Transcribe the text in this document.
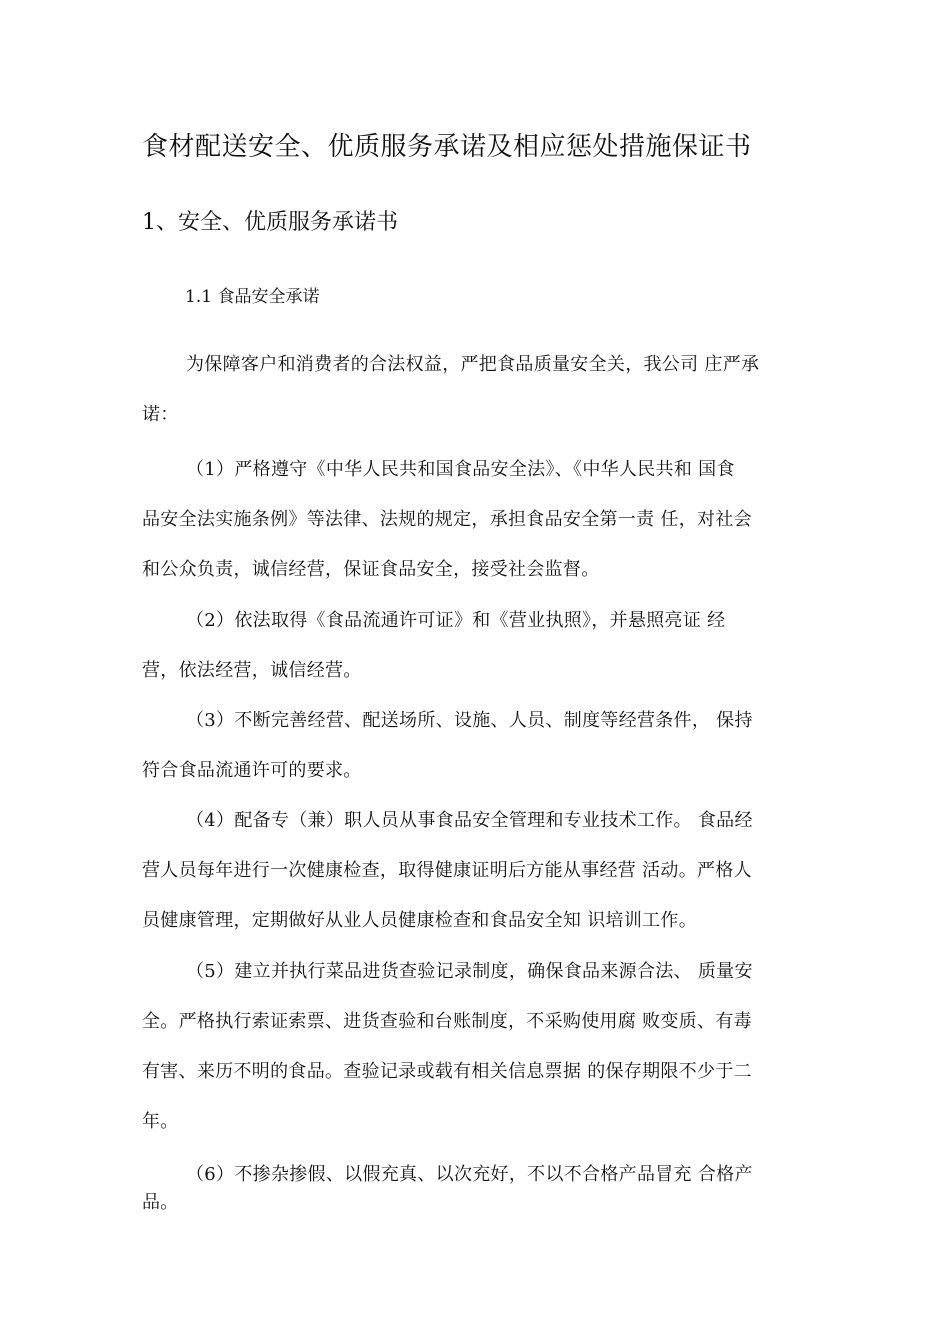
食材配送安全、优质服务承诺及相应惩处措施保证书
1、安全、优质服务承诺书
1.1 食品安全承诺
为保障客户和消费者的合法权益，严把食品质量安全关，我公司 庄严承
诺：
（1）严格遵守《中华人民共和国食品安全法》、《中华人民共和 国食
品安全法实施条例》等法律、法规的规定，承担食品安全第一责 任，对社会
和公众负责，诚信经营，保证食品安全，接受社会监督。
（2）依法取得《食品流通许可证》和《营业执照》，并悬照亮证 经
营，依法经营，诚信经营。
（3）不断完善经营、配送场所、设施、人员、制度等经营条件， 保持
符合食品流通许可的要求。
（4）配备专（兼）职人员从事食品安全管理和专业技术工作。 食品经
营人员每年进行一次健康检查，取得健康证明后方能从事经营 活动。严格人
员健康管理，定期做好从业人员健康检查和食品安全知 识培训工作。
（5）建立并执行菜品进货查验记录制度，确保食品来源合法、 质量安
全。严格执行索证索票、进货查验和台账制度，不采购使用腐 败变质、有毒
有害、来历不明的食品。查验记录或载有相关信息票据 的保存期限不少于二
年。
（6）不掺杂掺假、以假充真、以次充好，不以不合格产品冒充 合格产
品。
